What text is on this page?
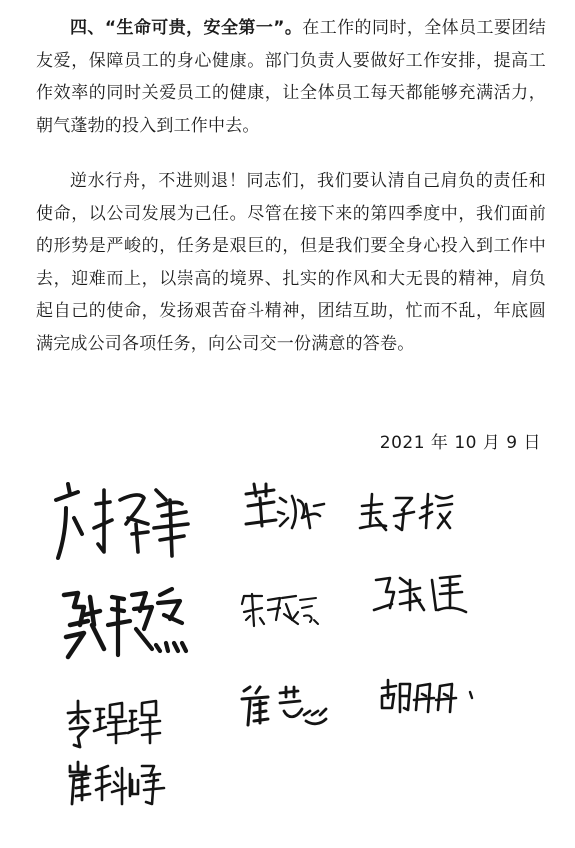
四、“生命可贵，安全第一”。在工作的同时，全体员工要团结友爱，保障员工的身心健康。部门负责人要做好工作安排，提高工作效率的同时关爱员工的健康，让全体员工每天都能够充满活力，朝气蓬勃的投入到工作中去。

逆水行舟，不进则退！同志们，我们要认清自己肩负的责任和使命，以公司发展为己任。尽管在接下来的第四季度中，我们面前的形势是严峻的，任务是艰巨的，但是我们要全身心投入到工作中去，迎难而上，以崇高的境界、扎实的作风和大无畏的精神，肩负起自己的使命，发扬艰苦奋斗精神，团结互助，忙而不乱，年底圆满完成公司各项任务，向公司交一份满意的答卷。

2021 年 10 月 9 日
